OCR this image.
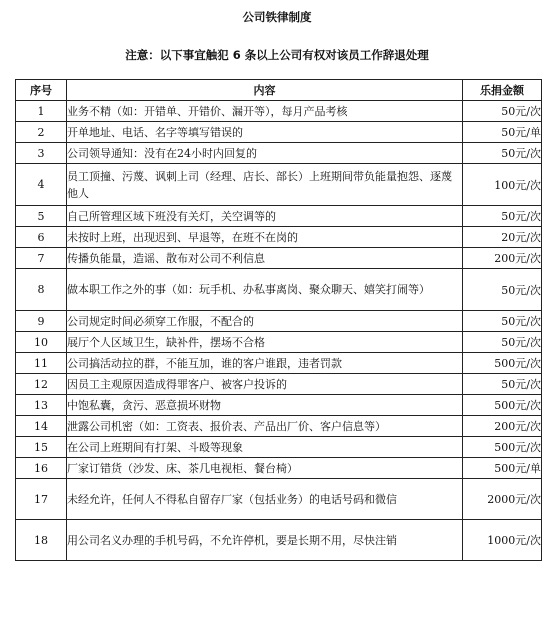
公司铁律制度
注意：以下事宜触犯 6 条以上公司有权对该员工作辞退处理
序号	内容	乐捐金额
1	业务不精（如：开错单、开错价、漏开等），每月产品考核	50元/次
2	开单地址、电话、名字等填写错误的	50元/单
3	公司领导通知：没有在24小时内回复的	50元/次
4	员工顶撞、污蔑、讽刺上司（经理、店长、部长）上班期间带负能量抱怨、逐蔑他人	100元/次
5	自己所管理区域下班没有关灯，关空调等的	50元/次
6	未按时上班，出现迟到、早退等，在班不在岗的	20元/次
7	传播负能量，造谣、散布对公司不利信息	200元/次
8	做本职工作之外的事（如：玩手机、办私事离岗、聚众聊天、嬉笑打闹等）	50元/次
9	公司规定时间必须穿工作服，不配合的	50元/次
10	展厅个人区域卫生，缺补件，摆场不合格	50元/次
11	公司搞活动拉的群，不能互加，谁的客户谁跟，违者罚款	500元/次
12	因员工主观原因造成得罪客户、被客户投诉的	50元/次
13	中饱私囊，贪污、恶意损坏财物	500元/次
14	泄露公司机密（如：工资表、报价表、产品出厂价、客户信息等）	200元/次
15	在公司上班期间有打架、斗殴等现象	500元/次
16	厂家订错货（沙发、床、茶几电视柜、餐台椅）	500元/单
17	未经允许，任何人不得私自留存厂家（包括业务）的电话号码和微信	2000元/次
18	用公司名义办理的手机号码，不允许停机，要是长期不用，尽快注销	1000元/次
